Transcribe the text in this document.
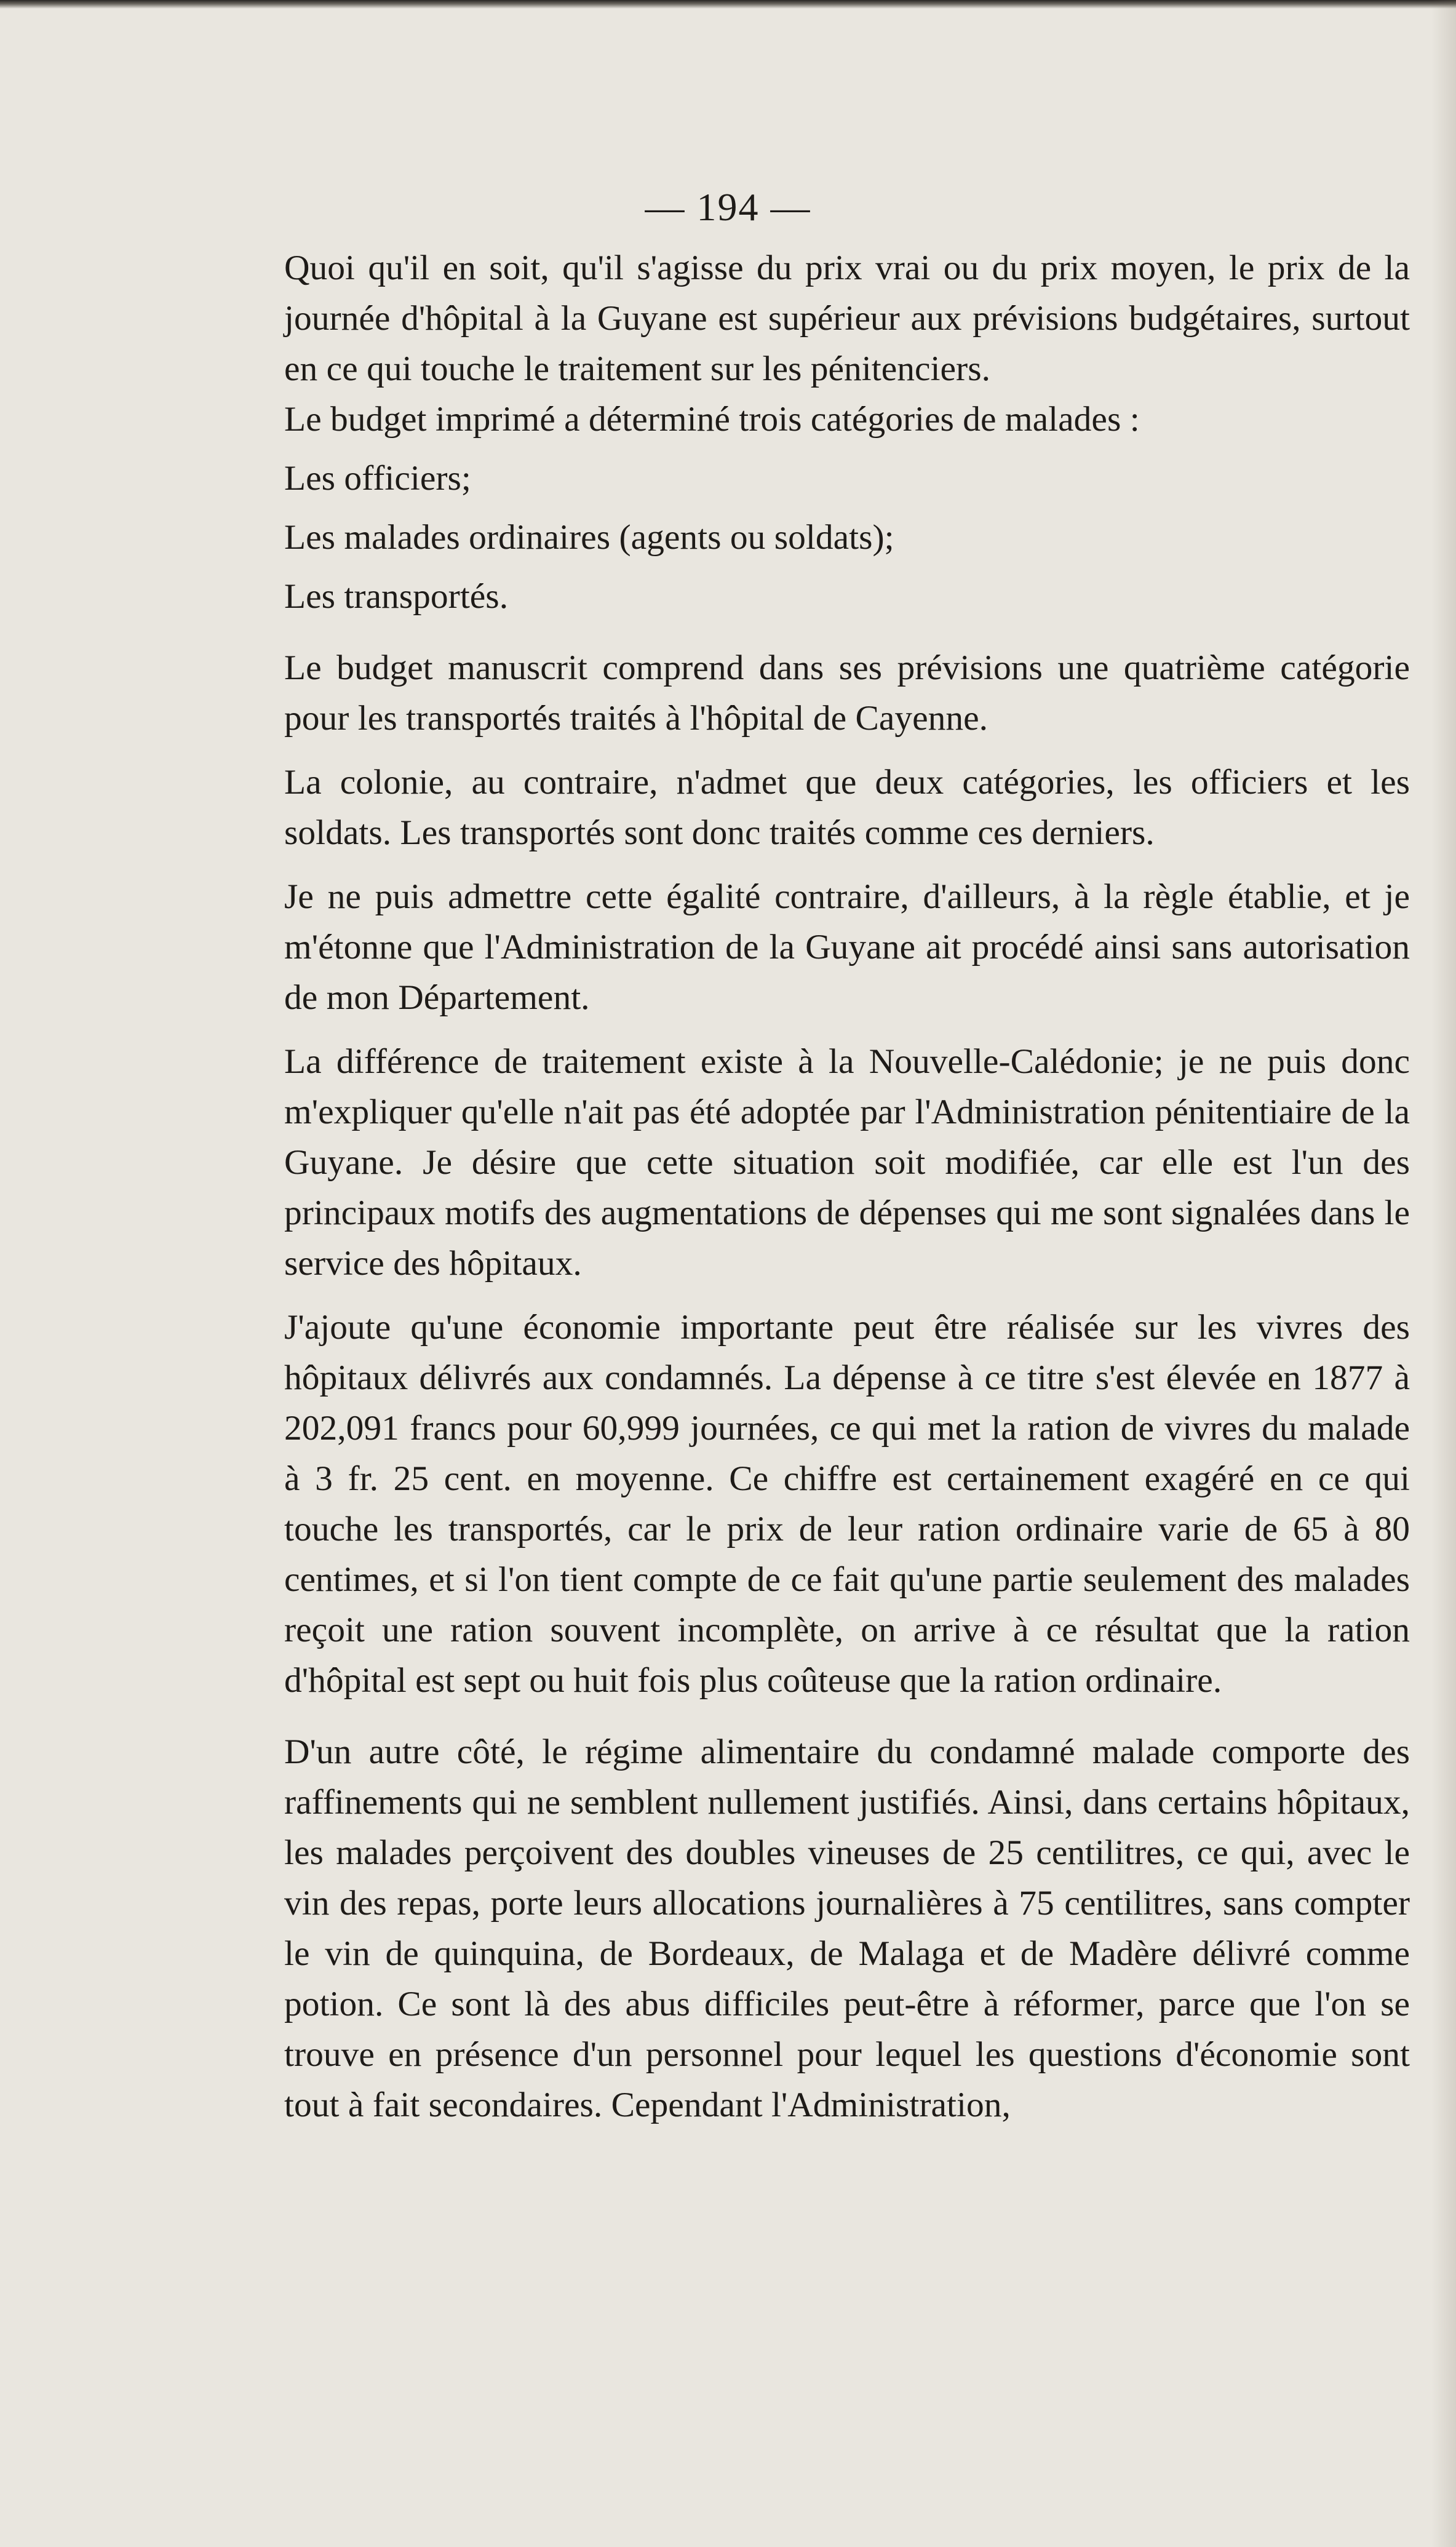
— 194 —

Quoi qu'il en soit, qu'il s'agisse du prix vrai ou du prix moyen, le prix de la journée d'hôpital à la Guyane est supérieur aux prévisions budgétaires, surtout en ce qui touche le traitement sur les pénitenciers.

Le budget imprimé a déterminé trois catégories de malades :

Les officiers;

Les malades ordinaires (agents ou soldats);

Les transportés.

Le budget manuscrit comprend dans ses prévisions une quatrième catégorie pour les transportés traités à l'hôpital de Cayenne.

La colonie, au contraire, n'admet que deux catégories, les officiers et les soldats. Les transportés sont donc traités comme ces derniers.

Je ne puis admettre cette égalité contraire, d'ailleurs, à la règle établie, et je m'étonne que l'Administration de la Guyane ait procédé ainsi sans autorisation de mon Département.

La différence de traitement existe à la Nouvelle-Calédonie; je ne puis donc m'expliquer qu'elle n'ait pas été adoptée par l'Administration pénitentiaire de la Guyane. Je désire que cette situation soit modifiée, car elle est l'un des principaux motifs des augmentations de dépenses qui me sont signalées dans le service des hôpitaux.

J'ajoute qu'une économie importante peut être réalisée sur les vivres des hôpitaux délivrés aux condamnés. La dépense à ce titre s'est élevée en 1877 à 202,091 francs pour 60,999 journées, ce qui met la ration de vivres du malade à 3 fr. 25 cent. en moyenne. Ce chiffre est certainement exagéré en ce qui touche les transportés, car le prix de leur ration ordinaire varie de 65 à 80 centimes, et si l'on tient compte de ce fait qu'une partie seulement des malades reçoit une ration souvent incomplète, on arrive à ce résultat que la ration d'hôpital est sept ou huit fois plus coûteuse que la ration ordinaire.

D'un autre côté, le régime alimentaire du condamné malade comporte des raffinements qui ne semblent nullement justifiés. Ainsi, dans certains hôpitaux, les malades perçoivent des doubles vineuses de 25 centilitres, ce qui, avec le vin des repas, porte leurs allocations journalières à 75 centilitres, sans compter le vin de quinquina, de Bordeaux, de Malaga et de Madère délivré comme potion. Ce sont là des abus difficiles peut-être à réformer, parce que l'on se trouve en présence d'un personnel pour lequel les questions d'économie sont tout à fait secondaires. Cependant l'Administration,
